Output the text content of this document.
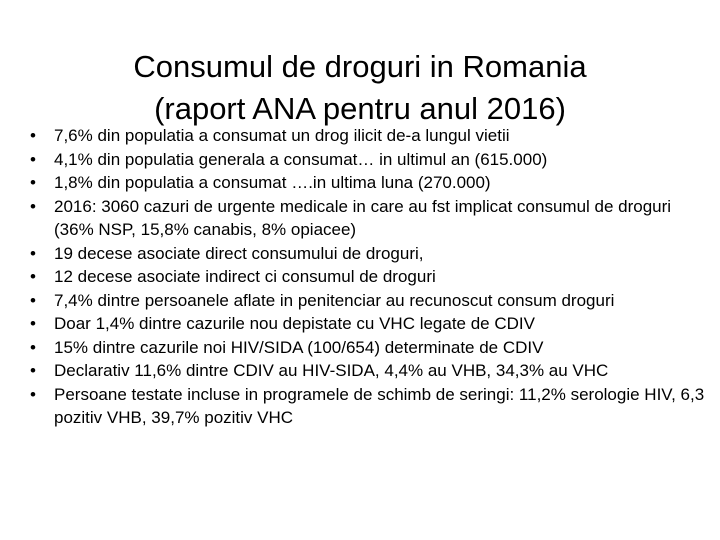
Consumul de droguri in Romania
(raport ANA pentru anul 2016)
•	7,6% din populatia a consumat un drog ilicit de-a lungul vietii
•	4,1% din populatia generala a consumat… in ultimul an (615.000)
•	1,8% din populatia a consumat ….in ultima luna (270.000)
•	2016: 3060 cazuri de urgente medicale in care au fst implicat consumul de droguri (36% NSP, 15,8% canabis, 8% opiacee)
•	19 decese asociate direct consumului de droguri,
•	12 decese asociate indirect ci consumul de droguri
•	7,4% dintre persoanele aflate in penitenciar au recunoscut consum droguri
•	Doar 1,4% dintre cazurile nou depistate cu VHC legate de CDIV
•	15% dintre cazurile noi HIV/SIDA (100/654) determinate de CDIV
•	Declarativ 11,6% dintre CDIV au HIV-SIDA, 4,4% au VHB, 34,3% au VHC
•	Persoane testate incluse in programele de schimb de seringi: 11,2% serologie HIV, 6,3 pozitiv VHB, 39,7% pozitiv VHC
